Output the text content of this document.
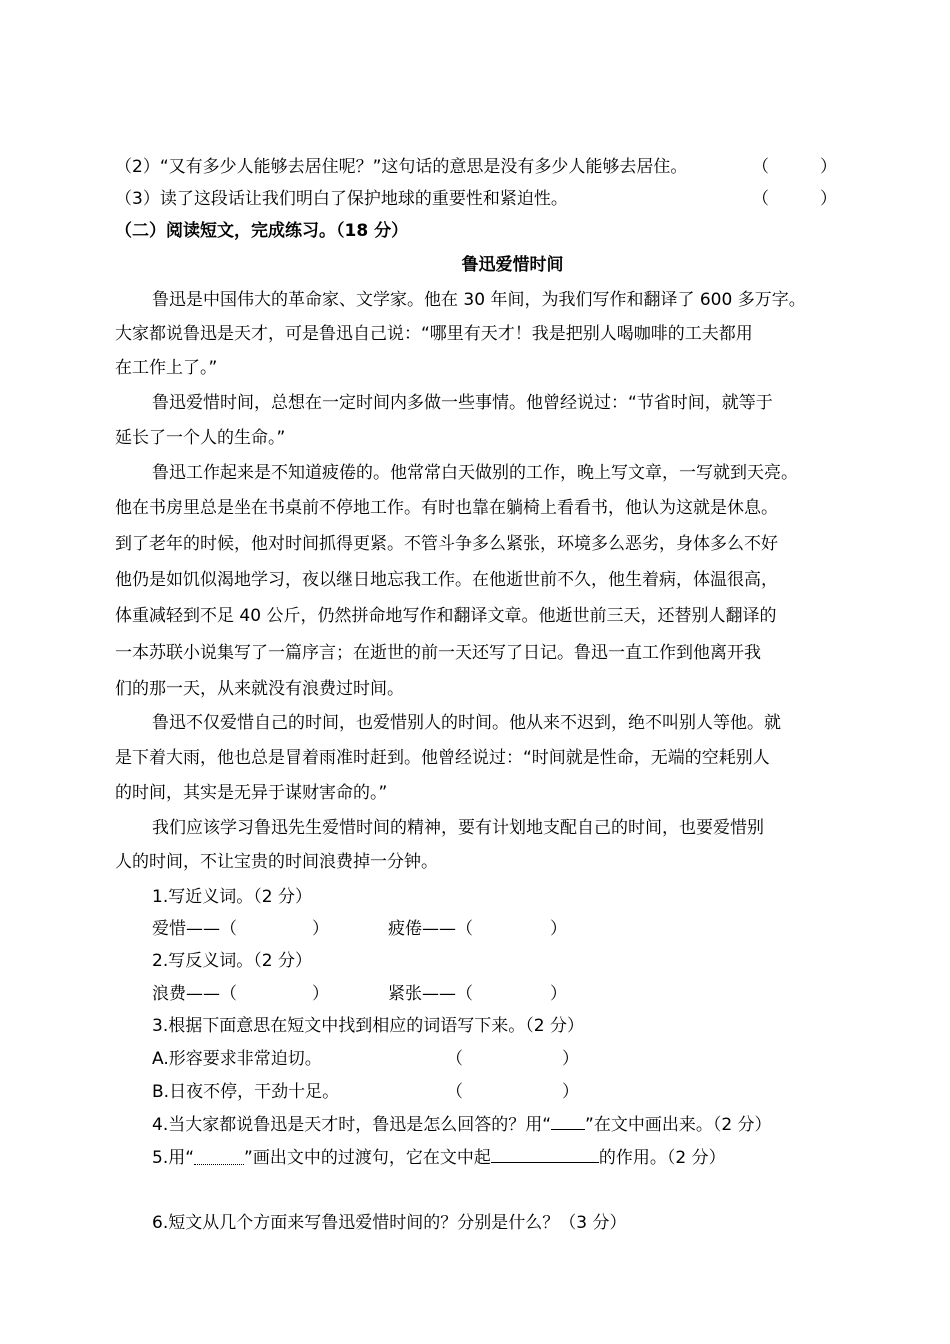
（2）“又有多少人能够去居住呢？”这句话的意思是没有多少人能够去居住。	（	）

（3）读了这段话让我们明白了保护地球的重要性和紧迫性。	（	）

（二）阅读短文，完成练习。（18 分）

鲁迅爱惜时间

鲁迅是中国伟大的革命家、文学家。他在 30 年间，为我们写作和翻译了 600 多万字。

大家都说鲁迅是天才，可是鲁迅自己说：“哪里有天才！我是把别人喝咖啡的工夫都用

在工作上了。”

鲁迅爱惜时间，总想在一定时间内多做一些事情。他曾经说过：“节省时间，就等于

延长了一个人的生命。”

鲁迅工作起来是不知道疲倦的。他常常白天做别的工作，晚上写文章，一写就到天亮。

他在书房里总是坐在书桌前不停地工作。有时也靠在躺椅上看看书，他认为这就是休息。

到了老年的时候，他对时间抓得更紧。不管斗争多么紧张，环境多么恶劣，身体多么不好

他仍是如饥似渴地学习，夜以继日地忘我工作。在他逝世前不久，他生着病，体温很高，

体重减轻到不足 40 公斤，仍然拼命地写作和翻译文章。他逝世前三天，还替别人翻译的

一本苏联小说集写了一篇序言；在逝世的前一天还写了日记。鲁迅一直工作到他离开我

们的那一天，从来就没有浪费过时间。

鲁迅不仅爱惜自己的时间，也爱惜别人的时间。他从来不迟到，绝不叫别人等他。就

是下着大雨，他也总是冒着雨准时赶到。他曾经说过：“时间就是性命，无端的空耗别人

的时间，其实是无异于谋财害命的。”

我们应该学习鲁迅先生爱惜时间的精神，要有计划地支配自己的时间，也要爱惜别

人的时间，不让宝贵的时间浪费掉一分钟。

1.写近义词。（2 分）

爱惜——（	）	疲倦——（	）

2.写反义词。（2 分）

浪费——（	）	紧张——（	）

3.根据下面意思在短文中找到相应的词语写下来。（2 分）

A.形容要求非常迫切。	（	）
B.日夜不停，干劲十足。	（	）

4.当大家都说鲁迅是天才时，鲁迅是怎么回答的？用“ ”在文中画出来。（2 分）

5.用“	”画出文中的过渡句，它在文中起	的作用。（2 分）

6.短文从几个方面来写鲁迅爱惜时间的？分别是什么？（3 分）
